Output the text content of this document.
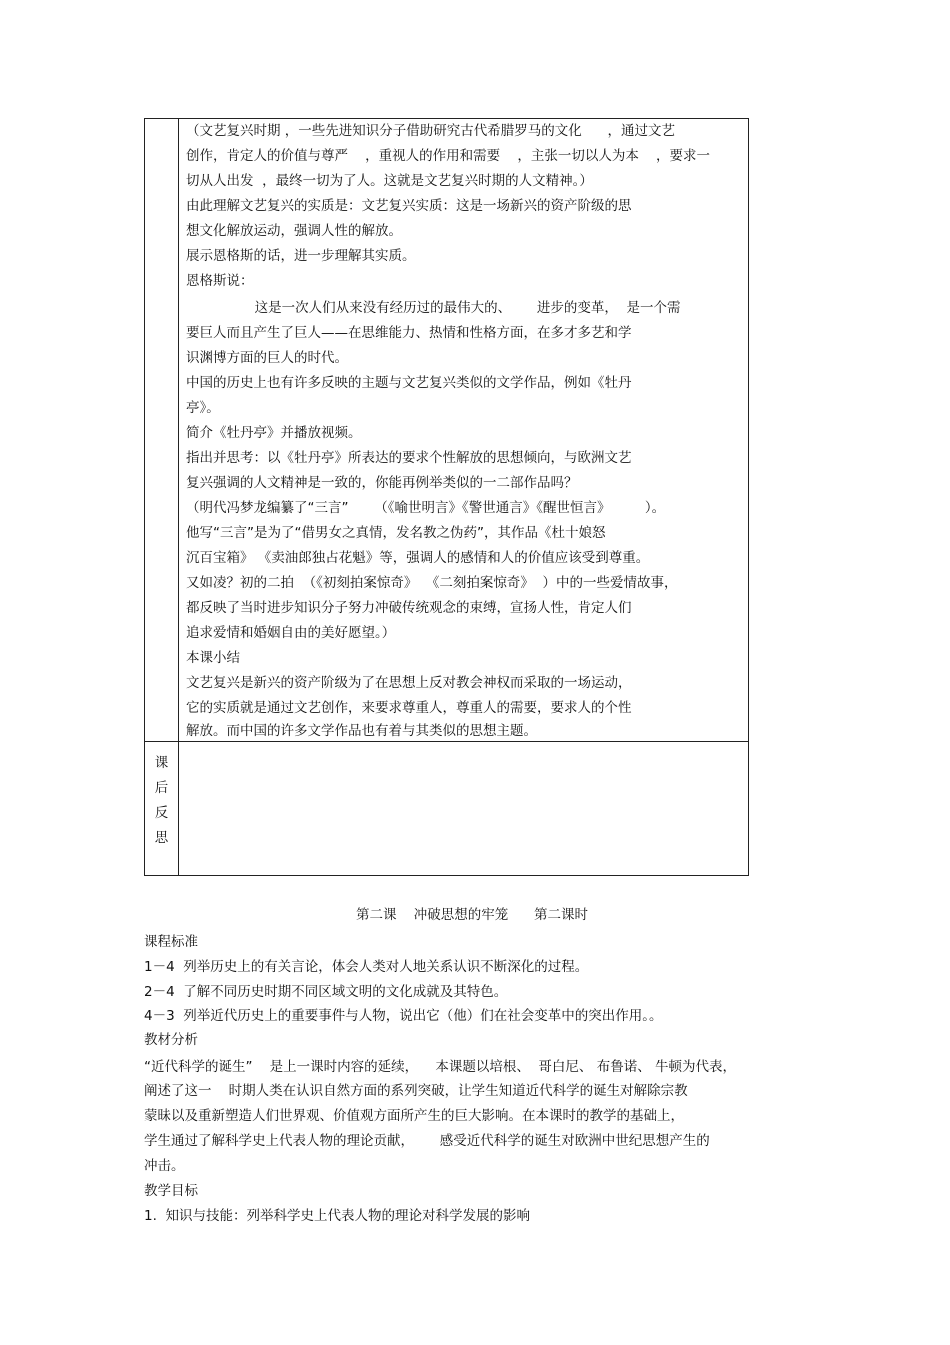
（文艺复兴时期 ，一些先进知识分子借助研究古代希腊罗马的文化      ，通过文艺
创作，肯定人的价值与尊严    ，重视人的作用和需要    ，主张一切以人为本    ，要求一
切从人出发  ，最终一切为了人。这就是文艺复兴时期的人文精神。）
由此理解文艺复兴的实质是：文艺复兴实质：这是一场新兴的资产阶级的思
想文化解放运动，强调人性的解放。
展示恩格斯的话，进一步理解其实质。
恩格斯说：
这是一次人们从来没有经历过的最伟大的、      进步的变革，  是一个需
要巨人而且产生了巨人——在思维能力、热情和性格方面，在多才多艺和学
识渊博方面的巨人的时代。
中国的历史上也有许多反映的主题与文艺复兴类似的文学作品，例如《牡丹
亭》。
简介《牡丹亭》并播放视频。
指出并思考：以《牡丹亭》所表达的要求个性解放的思想倾向，与欧洲文艺
复兴强调的人文精神是一致的，你能再例举类似的一二部作品吗？
（明代冯梦龙编纂了“三言”      （《喻世明言》《警世通言》《醒世恒言》        ）。
他写“三言”是为了“借男女之真情，发名教之伪药”，其作品《杜十娘怒
沉百宝箱》 《卖油郎独占花魁》等，强调人的感情和人的价值应该受到尊重。
又如凌？初的二拍  （《初刻拍案惊奇》  《二刻拍案惊奇》  ）中的一些爱情故事，
都反映了当时进步知识分子努力冲破传统观念的束缚，宣扬人性，肯定人们
追求爱情和婚姻自由的美好愿望。）
本课小结
文艺复兴是新兴的资产阶级为了在思想上反对教会神权而采取的一场运动，
它的实质就是通过文艺创作，来要求尊重人，尊重人的需要，要求人的个性
解放。而中国的许多文学作品也有着与其类似的思想主题。
课
后
反
思
第二课    冲破思想的牢笼      第二课时
课程标准
1－4  列举历史上的有关言论，体会人类对人地关系认识不断深化的过程。
2－4  了解不同历史时期不同区域文明的文化成就及其特色。
4－3  列举近代历史上的重要事件与人物，说出它（他）们在社会变革中的突出作用。。
教材分析
“近代科学的诞生”    是上一课时内容的延续，    本课题以培根、  哥白尼、 布鲁诺、 牛顿为代表，
阐述了这一    时期人类在认识自然方面的系列突破，让学生知道近代科学的诞生对解除宗教
蒙昧以及重新塑造人们世界观、价值观方面所产生的巨大影响。在本课时的教学的基础上，
学生通过了解科学史上代表人物的理论贡献，      感受近代科学的诞生对欧洲中世纪思想产生的
冲击。
教学目标
1.  知识与技能：列举科学史上代表人物的理论对科学发展的影响
